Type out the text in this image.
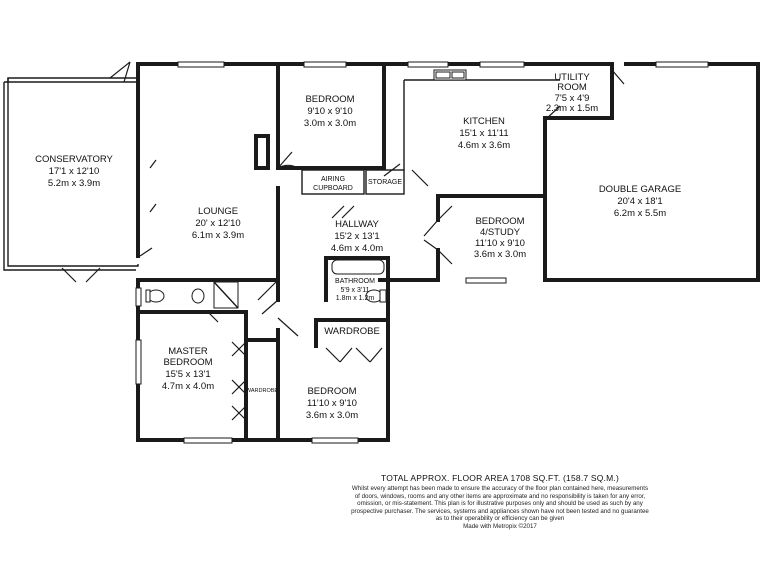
CONSERVATORY
17'1 x 12'10
5.2m x 3.9m
LOUNGE
20' x 12'10
6.1m x 3.9m
BEDROOM
9'10 x 9'10
3.0m x 3.0m	KITCHEN
15'1 x 11'11
4.6m x 3.6m
UTILITY
ROOM
7'5 x 4'9
2.3m x 1.5m
DOUBLE GARAGE
20'4 x 18'1
6.2m x 5.5m
AIRING
CUPBOARD
STORAGE
HALLWAY
15'2 x 13'1
4.6m x 4.0m
BEDROOM
4/STUDY
11'10 x 9'10
3.6m x 3.0m
BATHROOM
5'9 x 3'11
1.8m x 1.2m
WARDROBE
WARDROBE
MASTER
BEDROOM
15'5 x 13'1
4.7m x 4.0m	BEDROOM
11'10 x 9'10
3.6m x 3.0m
TOTAL APPROX. FLOOR AREA 1708 SQ.FT. (158.7 SQ.M.)
Whilst every attempt has been made to ensure the accuracy of the floor plan contained here, measurements
of doors, windows, rooms and any other items are approximate and no responsibility is taken for any error,
omission, or mis-statement. This plan is for illustrative purposes only and should be used as such by any
prospective purchaser. The services, systems and appliances shown have not been tested and no guarantee
as to their operability or efficiency can be given
Made with Metropix ©2017
